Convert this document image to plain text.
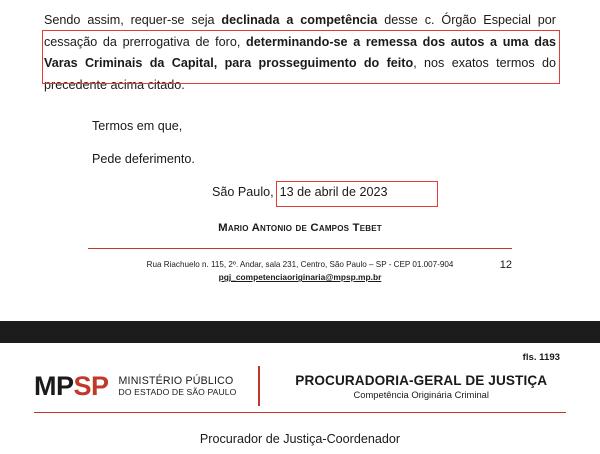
Sendo assim, requer-se seja declinada a competência desse c. Órgão Especial por cessação da prerrogativa de foro, determinando-se a remessa dos autos a uma das Varas Criminais da Capital, para prosseguimento do feito, nos exatos termos do precedente acima citado.

Termos em que,

Pede deferimento.

São Paulo, 13 de abril de 2023

Mario Antonio de Campos Tebet
12

Rua Riachuelo n. 115, 2º. Andar, sala 231, Centro, São Paulo – SP - CEP 01.007-904

pgj_competenciaoriginaria@mpsp.mp.br

fls. 1193
MPSP MINISTÉRIO PÚBLICO
DO ESTADO DE SÃO PAULO
PROCURADORIA-GERAL DE JUSTIÇA
Competência Originária Criminal
Procurador de Justiça-Coordenador
